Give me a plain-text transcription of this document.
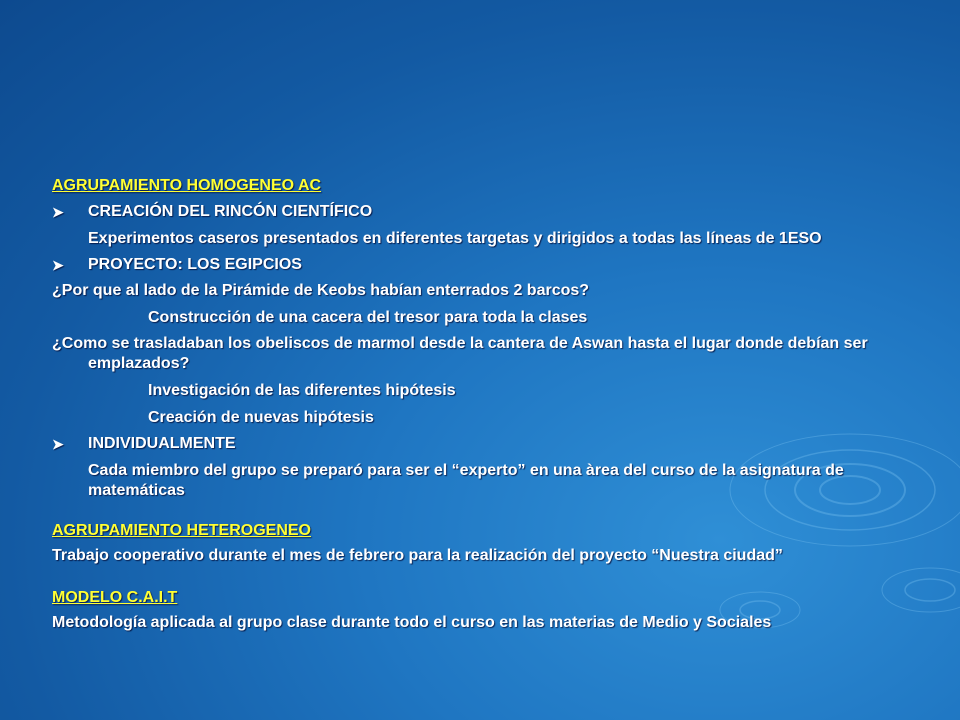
AGRUPAMIENTO HOMOGENEO AC

➤ CREACIÓN DEL RINCÓN CIENTÍFICO

Experimentos caseros presentados en diferentes targetas y dirigidos a todas las líneas de 1ESO

➤ PROYECTO: LOS EGIPCIOS

¿Por que al lado de la Pirámide de Keobs habían enterrados 2 barcos?

Construcción de una cacera del tresor para toda la clases

¿Como se trasladaban los obeliscos de marmol desde la cantera de Aswan hasta el lugar donde debían ser emplazados?

Investigación de las diferentes hipótesis

Creación de nuevas hipótesis

➤ INDIVIDUALMENTE

Cada miembro del grupo se preparó para ser el “experto” en una àrea del curso de la asignatura de matemáticas

AGRUPAMIENTO HETEROGENEO

Trabajo cooperativo durante el mes de febrero para la realización del proyecto “Nuestra ciudad”

MODELO C.A.I.T

Metodología aplicada al grupo clase durante todo el curso en las materias de Medio y Sociales
